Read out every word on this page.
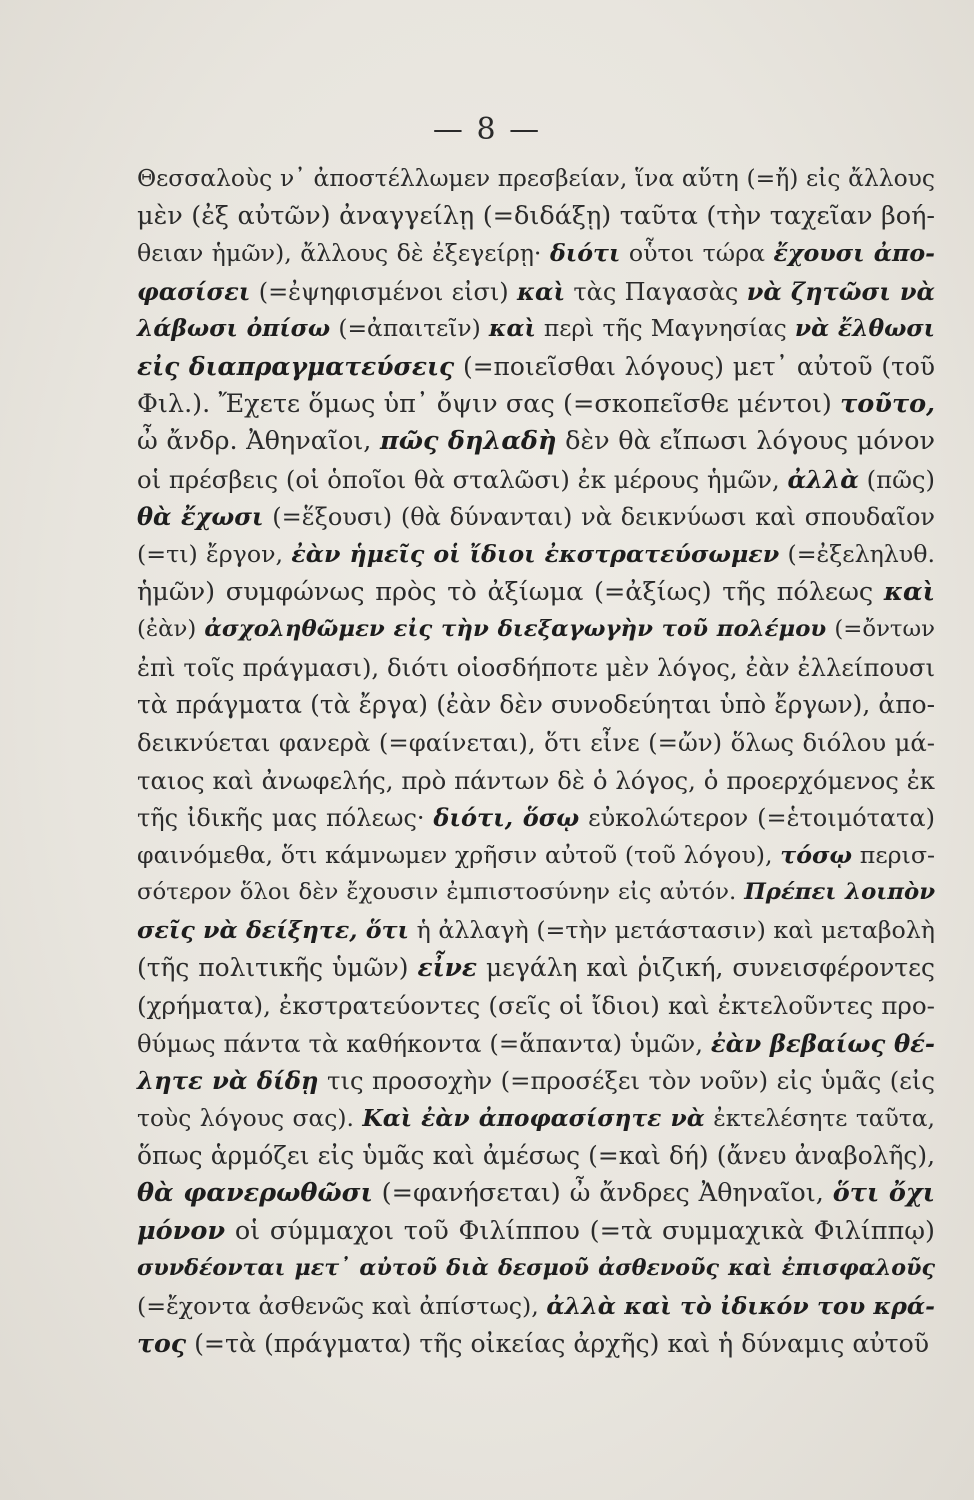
— 8 —
Θεσσαλοὺς ν᾿ ἀποστέλλωμεν πρεσβείαν, ἵνα αὕτη (=ἤ) εἰς ἄλλους
μὲν (ἐξ αὐτῶν) ἀναγγείλῃ (=διδάξῃ) ταῦτα (τὴν ταχεῖαν βοή-
θειαν ἡμῶν), ἄλλους δὲ ἐξεγείρῃ· διότι οὗτοι τώρα ἔχουσι ἀπο-
φασίσει (=ἐψηφισμένοι εἰσι) καὶ τὰς Παγασὰς νὰ ζητῶσι νὰ
λάβωσι ὀπίσω (=ἀπαιτεῖν) καὶ περὶ τῆς Μαγνησίας νὰ ἔλθωσι
εἰς διαπραγματεύσεις (=ποιεῖσθαι λόγους) μετ᾿ αὐτοῦ (τοῦ
Φιλ.). Ἔχετε ὅμως ὑπ᾿ ὄψιν σας (=σκοπεῖσθε μέντοι) τοῦτο,
ὦ ἄνδρ. Ἀθηναῖοι, πῶς δηλαδὴ δὲν θὰ εἴπωσι λόγους μόνον
οἱ πρέσβεις (οἱ ὁποῖοι θὰ σταλῶσι) ἐκ μέρους ἡμῶν, ἀλλὰ (πῶς)
θὰ ἔχωσι (=ἕξουσι) (θὰ δύνανται) νὰ δεικνύωσι καὶ σπουδαῖον
(=τι) ἔργον, ἐὰν ἡμεῖς οἱ ἴδιοι ἐκστρατεύσωμεν (=ἐξεληλυθ.
ἡμῶν) συμφώνως πρὸς τὸ ἀξίωμα (=ἀξίως) τῆς πόλεως καὶ
(ἐὰν) ἀσχοληθῶμεν εἰς τὴν διεξαγωγὴν τοῦ πολέμου (=ὄντων
ἐπὶ τοῖς πράγμασι), διότι οἱοσδήποτε μὲν λόγος, ἐὰν ἐλλείπουσι
τὰ πράγματα (τὰ ἔργα) (ἐὰν δὲν συνοδεύηται ὑπὸ ἔργων), ἀπο-
δεικνύεται φανερὰ (=φαίνεται), ὅτι εἶνε (=ὤν) ὅλως διόλου μά-
ταιος καὶ ἀνωφελής, πρὸ πάντων δὲ ὁ λόγος, ὁ προερχόμενος ἐκ
τῆς ἰδικῆς μας πόλεως· διότι, ὅσῳ εὐκολώτερον (=ἑτοιμότατα)
φαινόμεθα, ὅτι κάμνωμεν χρῆσιν αὐτοῦ (τοῦ λόγου), τόσῳ περισ-
σότερον ὅλοι δὲν ἔχουσιν ἐμπιστοσύνην εἰς αὐτόν. Πρέπει λοιπὸν
σεῖς νὰ δείξητε, ὅτι ἡ ἀλλαγὴ (=τὴν μετάστασιν) καὶ μεταβολὴ
(τῆς πολιτικῆς ὑμῶν) εἶνε μεγάλη καὶ ῥιζική, συνεισφέροντες
(χρήματα), ἐκστρατεύοντες (σεῖς οἱ ἴδιοι) καὶ ἐκτελοῦντες προ-
θύμως πάντα τὰ καθήκοντα (=ἅπαντα) ὑμῶν, ἐὰν βεβαίως θέ-
λητε νὰ δίδῃ τις προσοχὴν (=προσέξει τὸν νοῦν) εἰς ὑμᾶς (εἰς
τοὺς λόγους σας). Καὶ ἐὰν ἀποφασίσητε νὰ ἐκτελέσητε ταῦτα,
ὅπως ἁρμόζει εἰς ὑμᾶς καὶ ἀμέσως (=καὶ δή) (ἄνευ ἀναβολῆς),
θὰ φανερωθῶσι (=φανήσεται) ὦ ἄνδρες Ἀθηναῖοι, ὅτι ὄχι
μόνον οἱ σύμμαχοι τοῦ Φιλίππου (=τὰ συμμαχικὰ Φιλίππῳ)
συνδέονται μετ᾿ αὐτοῦ διὰ δεσμοῦ ἀσθενοῦς καὶ ἐπισφαλοῦς
(=ἔχοντα ἀσθενῶς καὶ ἀπίστως), ἀλλὰ καὶ τὸ ἰδικόν του κρά-
τος (=τὰ (πράγματα) τῆς οἰκείας ἀρχῆς) καὶ ἡ δύναμις αὐτοῦ
